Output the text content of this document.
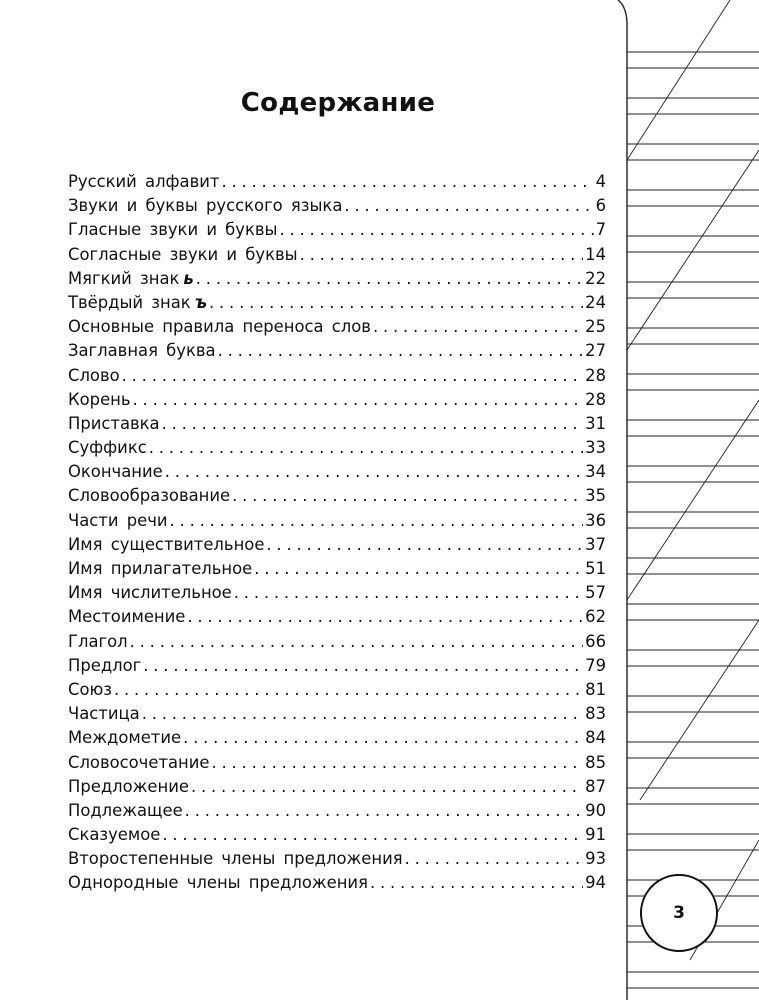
Содержание
Русский алфавит . . .	4
Звуки и буквы русского языка . . .	6
Гласные звуки и буквы . . .	7
Согласные звуки и буквы . . .	14
Мягкий знак ь . . .	22
Твёрдый знак ъ . . .	24
Основные правила переноса слов . . .	25
Заглавная буква . . .	27
Слово . . .	28
Корень . . .	28
Приставка . . .	31
Суффикс . . .	33
Окончание . . .	34
Словообразование . . .	35
Части речи . . .	36
Имя существительное . . .	37
Имя прилагательное . . .	51
Имя числительное . . .	57
Местоимение . . .	62
Глагол . . .	66
Предлог . . .	79
Союз . . .	81
Частица . . .	83
Междометие . . .	84
Словосочетание . . .	85
Предложение . . .	87
Подлежащее . . .	90
Сказуемое . . .	91
Второстепенные члены предложения . . .	93
Однородные члены предложения . . .	94
3
